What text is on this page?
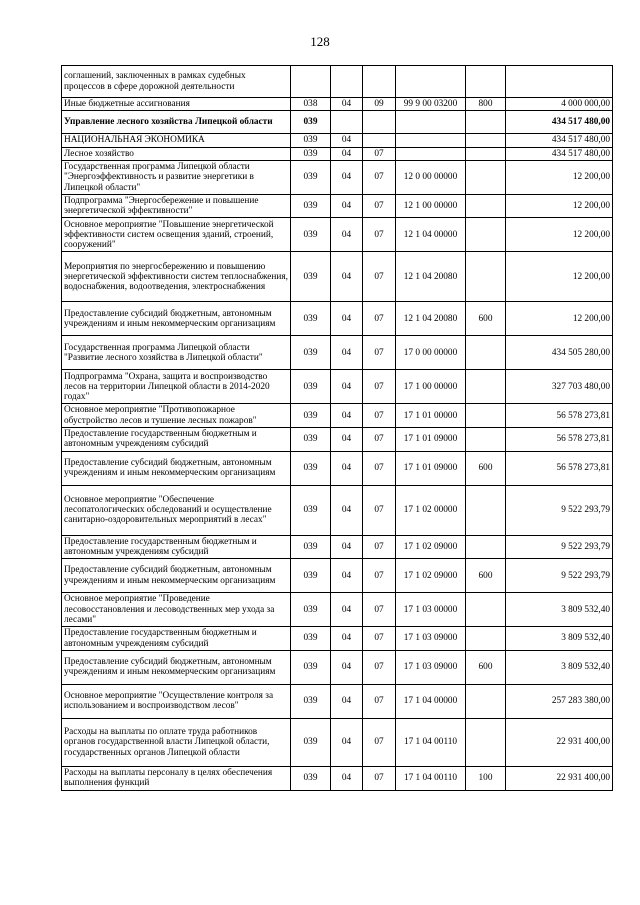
128
соглашений, заключенных в рамках судебных процессов в сфере дорожной деятельности						
Иные бюджетные ассигнования	038	04	09	99 9 00 03200	800	4 000 000,00
Управление лесного хозяйства Липецкой области	039					434 517 480,00
НАЦИОНАЛЬНАЯ ЭКОНОМИКА	039	04				434 517 480,00
Лесное хозяйство	039	04	07			434 517 480,00
Государственная программа Липецкой области "Энергоэффективность и развитие энергетики в Липецкой области"	039	04	07	12 0 00 00000		12 200,00
Подпрограмма "Энергосбережение и повышение энергетической эффективности"	039	04	07	12 1 00 00000		12 200,00
Основное мероприятие "Повышение энергетической эффективности систем освещения зданий, строений, сооружений"	039	04	07	12 1 04 00000		12 200,00
Мероприятия по энергосбережению и повышению энергетической эффективности систем теплоснабжения, водоснабжения, водоотведения, электроснабжения	039	04	07	12 1 04 20080		12 200,00
Предоставление субсидий бюджетным, автономным учреждениям и иным некоммерческим организациям	039	04	07	12 1 04 20080	600	12 200,00
Государственная программа Липецкой области "Развитие лесного хозяйства в Липецкой области"	039	04	07	17 0 00 00000		434 505 280,00
Подпрограмма "Охрана, защита и воспроизводство лесов на территории Липецкой области в 2014-2020 годах"	039	04	07	17 1 00 00000		327 703 480,00
Основное мероприятие "Противопожарное обустройство лесов и тушение лесных пожаров"	039	04	07	17 1 01 00000		56 578 273,81
Предоставление государственным бюджетным и автономным учреждениям субсидий	039	04	07	17 1 01 09000		56 578 273,81
Предоставление субсидий бюджетным, автономным учреждениям и иным некоммерческим организациям	039	04	07	17 1 01 09000	600	56 578 273,81
Основное мероприятие "Обеспечение лесопатологических обследований и осуществление санитарно-оздоровительных мероприятий в лесах"	039	04	07	17 1 02 00000		9 522 293,79
Предоставление государственным бюджетным и автономным учреждениям субсидий	039	04	07	17 1 02 09000		9 522 293,79
Предоставление субсидий бюджетным, автономным учреждениям и иным некоммерческим организациям	039	04	07	17 1 02 09000	600	9 522 293,79
Основное мероприятие "Проведение лесовосстановления и лесоводственных мер ухода за лесами"	039	04	07	17 1 03 00000		3 809 532,40
Предоставление государственным бюджетным и автономным учреждениям субсидий	039	04	07	17 1 03 09000		3 809 532,40
Предоставление субсидий бюджетным, автономным учреждениям и иным некоммерческим организациям	039	04	07	17 1 03 09000	600	3 809 532,40
Основное мероприятие "Осуществление контроля за использованием и воспроизводством лесов"	039	04	07	17 1 04 00000		257 283 380,00
Расходы на выплаты по оплате труда работников органов государственной власти Липецкой области, государственных органов Липецкой области	039	04	07	17 1 04 00110		22 931 400,00
Расходы на выплаты персоналу в целях обеспечения выполнения функций	039	04	07	17 1 04 00110	100	22 931 400,00
